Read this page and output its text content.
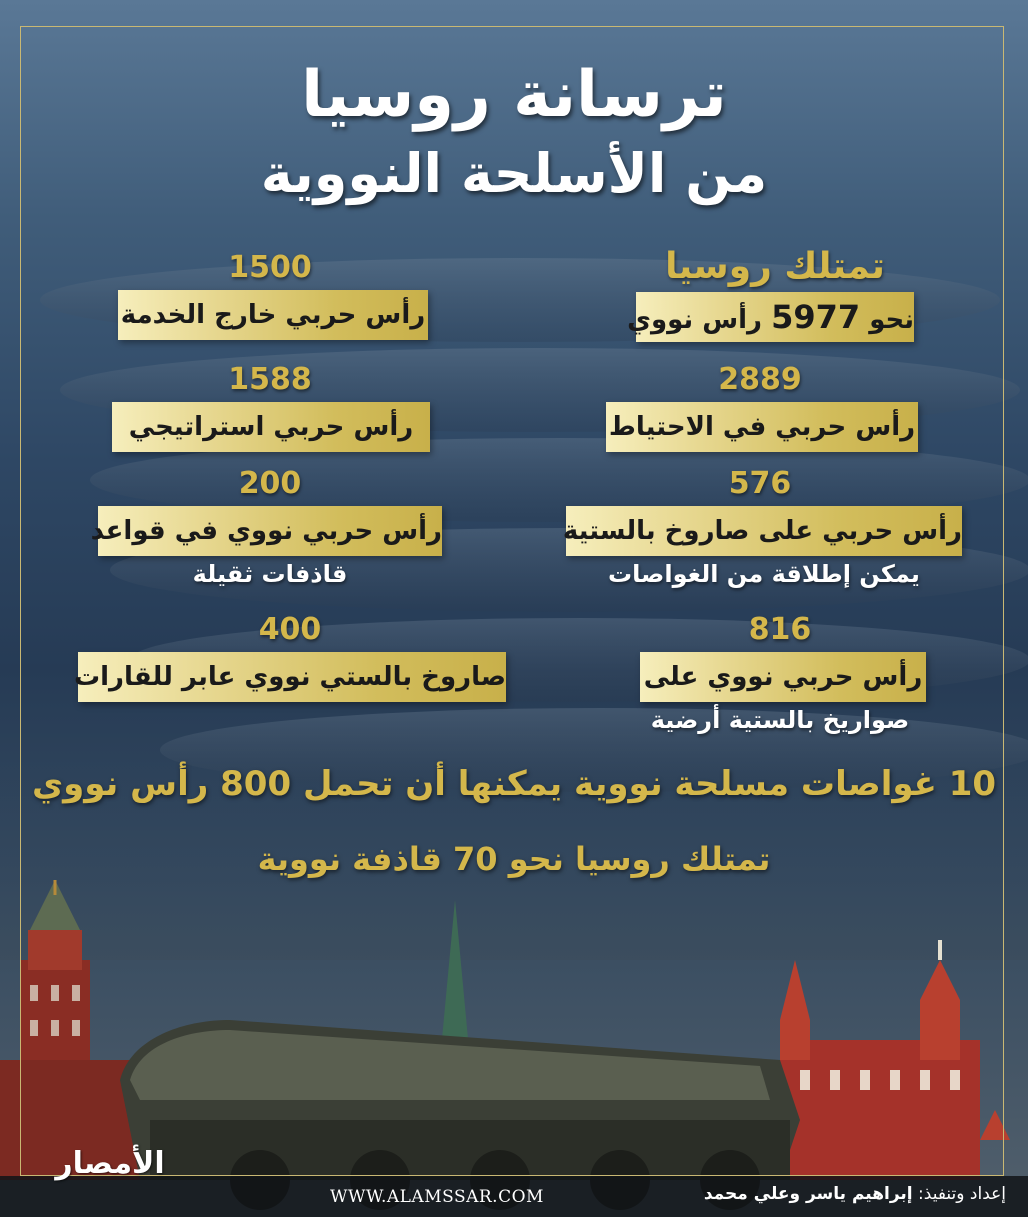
ترسانة روسيا
من الأسلحة النووية
تمتلك روسيا
نحو 5977 رأس نووي
2889
رأس حربي في الاحتياط
576
رأس حربي على صاروخ بالستية
يمكن إطلاقة من الغواصات
816
رأس حربي نووي على
صواريخ بالستية أرضية
1500
رأس حربي خارج الخدمة
1588
رأس حربي استراتيجي
200
رأس حربي نووي في قواعد
قاذفات ثقيلة
400
صاروخ بالستي نووي عابر للقارات
10 غواصات مسلحة نووية يمكنها أن تحمل 800 رأس نووي
تمتلك روسيا نحو 70 قاذفة نووية
الأمصار
WWW.ALAMSSAR.COM	إعداد وتنفيذ: إبراهيم ياسر وعلي محمد
